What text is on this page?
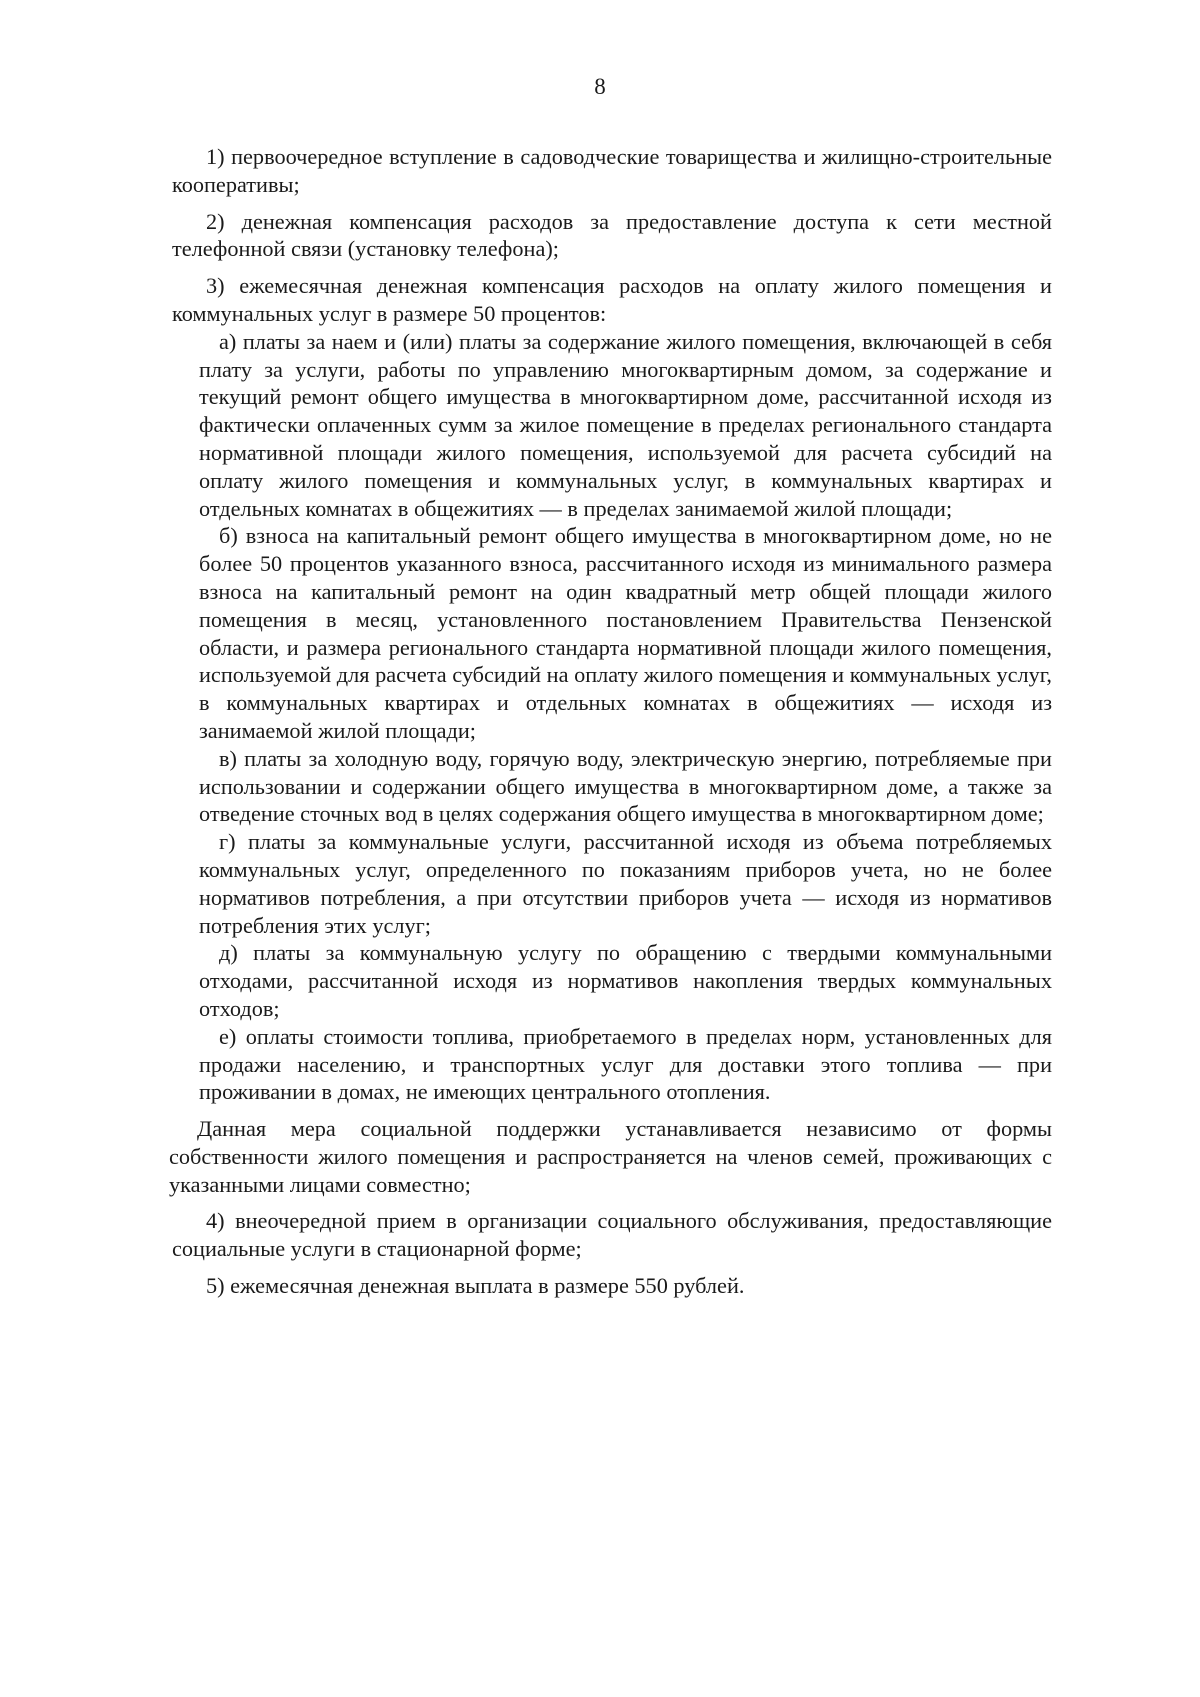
8

1) первоочередное вступление в садоводческие товарищества и жилищно-строительные кооперативы;

2) денежная компенсация расходов за предоставление доступа к сети местной телефонной связи (установку телефона);

3) ежемесячная денежная компенсация расходов на оплату жилого помещения и коммунальных услуг в размере 50 процентов:

а) платы за наем и (или) платы за содержание жилого помещения, включающей в себя плату за услуги, работы по управлению многоквартирным домом, за содержание и текущий ремонт общего имущества в многоквартирном доме, рассчитанной исходя из фактически оплаченных сумм за жилое помещение в пределах регионального стандарта нормативной площади жилого помещения, используемой для расчета субсидий на оплату жилого помещения и коммунальных услуг, в коммунальных квартирах и отдельных комнатах в общежитиях — в пределах занимаемой жилой площади;

б) взноса на капитальный ремонт общего имущества в многоквартирном доме, но не более 50 процентов указанного взноса, рассчитанного исходя из минимального размера взноса на капитальный ремонт на один квадратный метр общей площади жилого помещения в месяц, установленного постановлением Правительства Пензенской области, и размера регионального стандарта нормативной площади жилого помещения, используемой для расчета субсидий на оплату жилого помещения и коммунальных услуг, в коммунальных квартирах и отдельных комнатах в общежитиях — исходя из занимаемой жилой площади;

в) платы за холодную воду, горячую воду, электрическую энергию, потребляемые при использовании и содержании общего имущества в многоквартирном доме, а также за отведение сточных вод в целях содержания общего имущества в многоквартирном доме;

г) платы за коммунальные услуги, рассчитанной исходя из объема потребляемых коммунальных услуг, определенного по показаниям приборов учета, но не более нормативов потребления, а при отсутствии приборов учета — исходя из нормативов потребления этих услуг;

д) платы за коммунальную услугу по обращению с твердыми коммунальными отходами, рассчитанной исходя из нормативов накопления твердых коммунальных отходов;

е) оплаты стоимости топлива, приобретаемого в пределах норм, установленных для продажи населению, и транспортных услуг для доставки этого топлива — при проживании в домах, не имеющих центрального отопления.

Данная мера социальной поддержки устанавливается независимо от формы собственности жилого помещения и распространяется на членов семей, проживающих с указанными лицами совместно;

4) внеочередной прием в организации социального обслуживания, предоставляющие социальные услуги в стационарной форме;

5) ежемесячная денежная выплата в размере 550 рублей.
